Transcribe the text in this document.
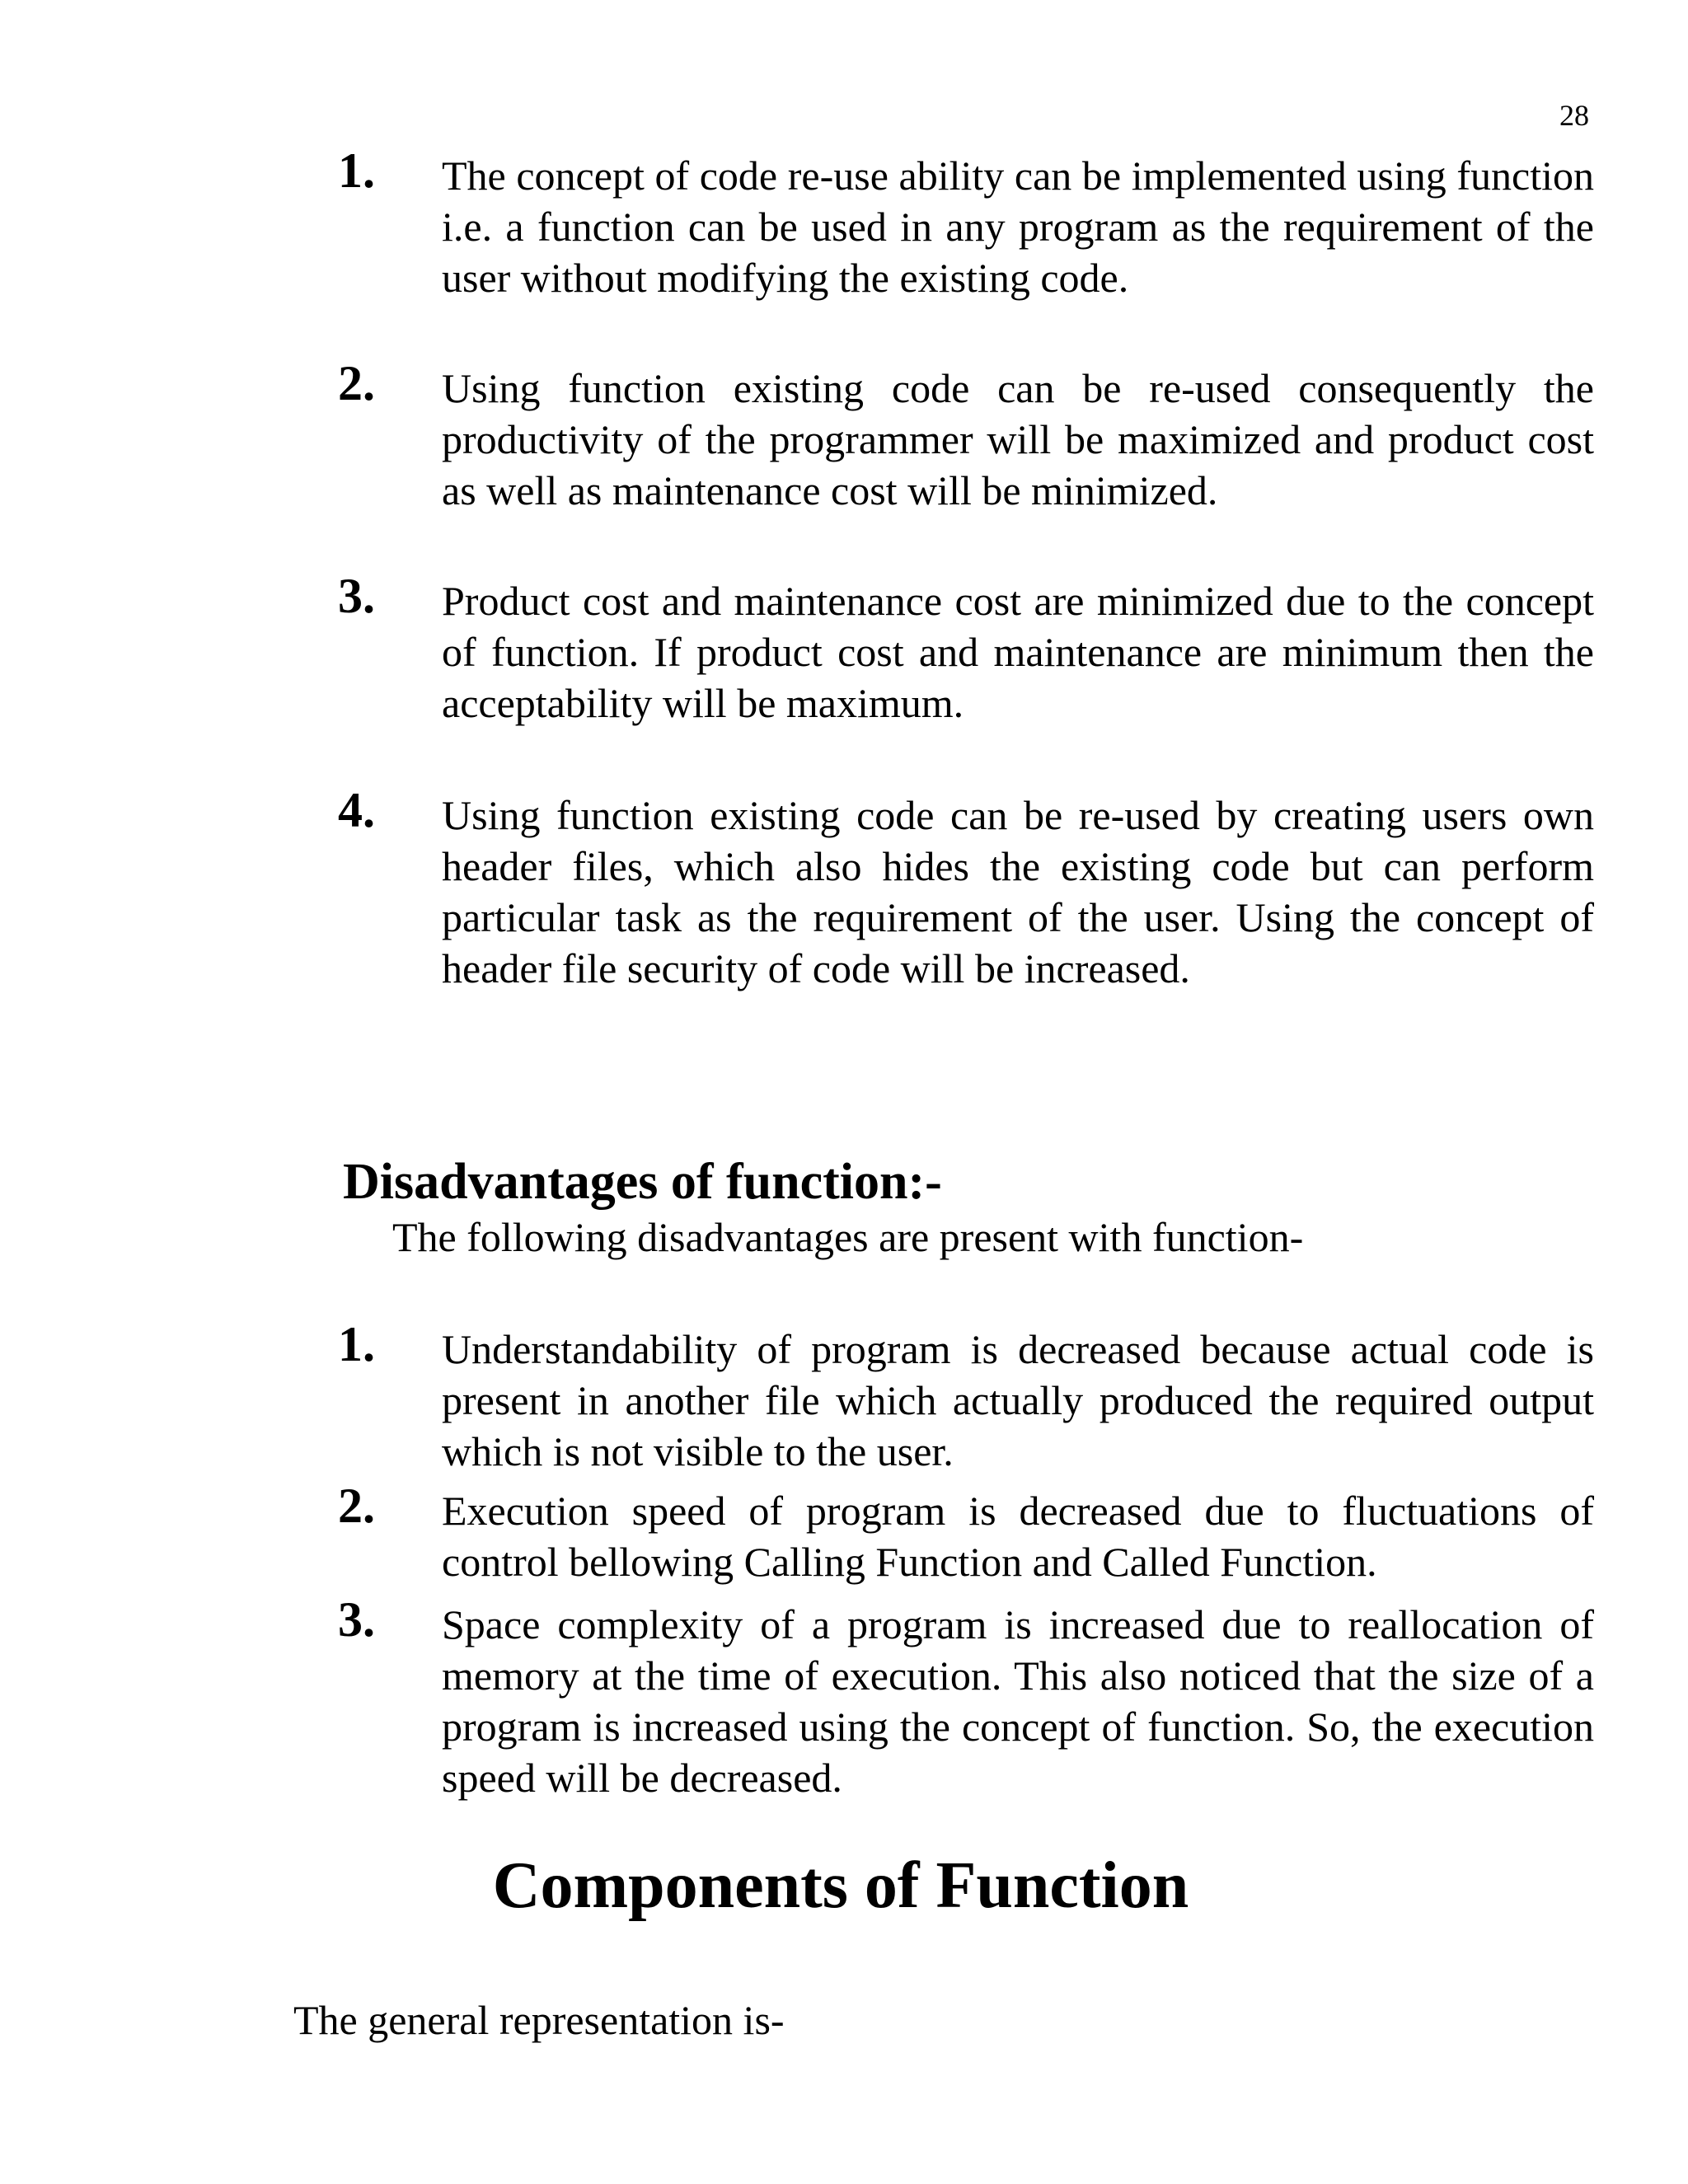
28
1. The concept of code re-use ability can be implemented using function i.e. a function can be used in any program as the requirement of the user without modifying the existing code.
2. Using function existing code can be re-used consequently the productivity of the programmer will be maximized and product cost as well as maintenance cost will be minimized.
3. Product cost and maintenance cost are minimized due to the concept of function. If product cost and maintenance are minimum then the acceptability will be maximum.
4. Using function existing code can be re-used by creating users own header files, which also hides the existing code but can perform particular task as the requirement of the user. Using the concept of header file security of code will be increased.
Disadvantages of function:-

The following disadvantages are present with function-

1. Understandability of program is decreased because actual code is present in another file which actually produced the required output which is not visible to the user.
2. Execution speed of program is decreased due to fluctuations of control bellowing Calling Function and Called Function.
3. Space complexity of a program is increased due to reallocation of memory at the time of execution. This also noticed that the size of a program is increased using the concept of function. So, the execution speed will be decreased.
Components of Function

The general representation is-
